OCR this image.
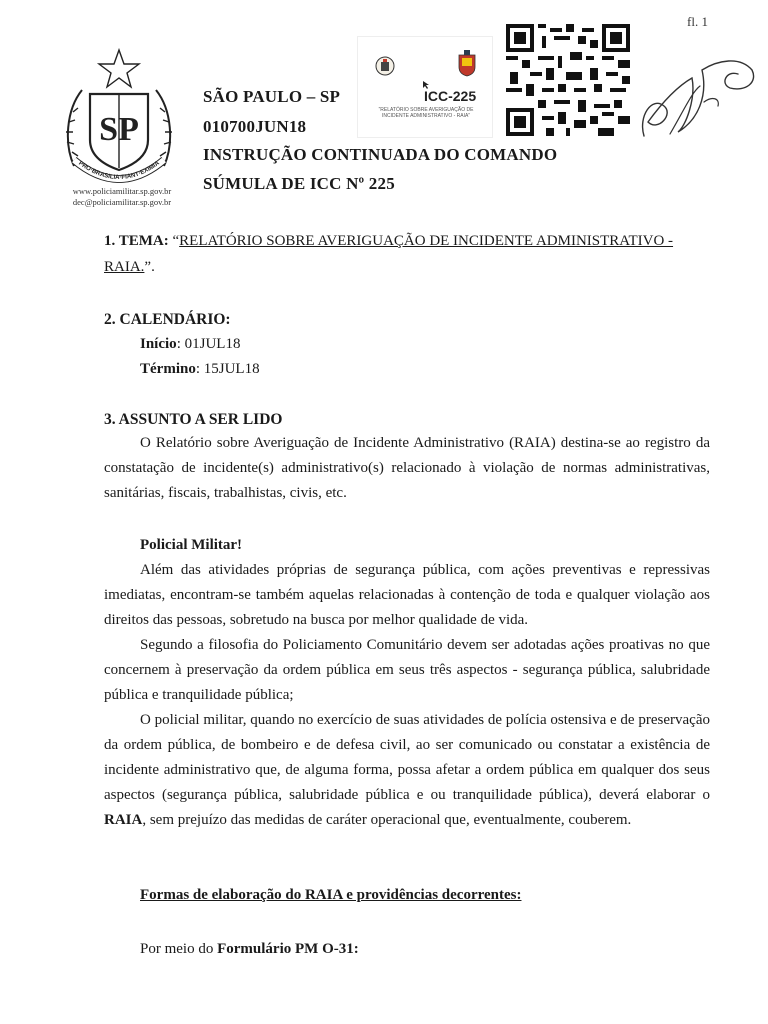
fl. 1
SP
PRO·BRASILIA·FIANT·EXIMIA
www.policiamilitar.sp.gov.br
dec@policiamilitar.sp.gov.br
SÃO PAULO – SP
010700JUN18
INSTRUÇÃO CONTINUADA DO COMANDO
SÚMULA DE ICC Nº 225
ICC-225
“RELATÓRIO SOBRE AVERIGUAÇÃO DE INCIDENTE ADMINISTRATIVO - RAIA”
1. TEMA: “RELATÓRIO SOBRE AVERIGUAÇÃO DE INCIDENTE ADMINISTRATIVO -
RAIA.”.
2. CALENDÁRIO:
Início: 01JUL18
Término: 15JUL18
3. ASSUNTO A SER LIDO
O Relatório sobre Averiguação de Incidente Administrativo (RAIA) destina-se ao registro da constatação de incidente(s) administrativo(s) relacionado à violação de normas administrativas, sanitárias, fiscais, trabalhistas, civis, etc.
Policial Militar!
Além das atividades próprias de segurança pública, com ações preventivas e repressivas imediatas, encontram-se também aquelas relacionadas à contenção de toda e qualquer violação aos direitos das pessoas, sobretudo na busca por melhor qualidade de vida.
Segundo a filosofia do Policiamento Comunitário devem ser adotadas ações proativas no que concernem à preservação da ordem pública em seus três aspectos - segurança pública, salubridade pública e tranquilidade pública;
O policial militar, quando no exercício de suas atividades de polícia ostensiva e de preservação da ordem pública, de bombeiro e de defesa civil, ao ser comunicado ou constatar a existência de incidente administrativo que, de alguma forma, possa afetar a ordem pública em qualquer dos seus aspectos (segurança pública, salubridade pública e ou tranquilidade pública), deverá elaborar o RAIA, sem prejuízo das medidas de caráter operacional que, eventualmente, couberem.
Formas de elaboração do RAIA e providências decorrentes:
Por meio do Formulário PM O-31:
